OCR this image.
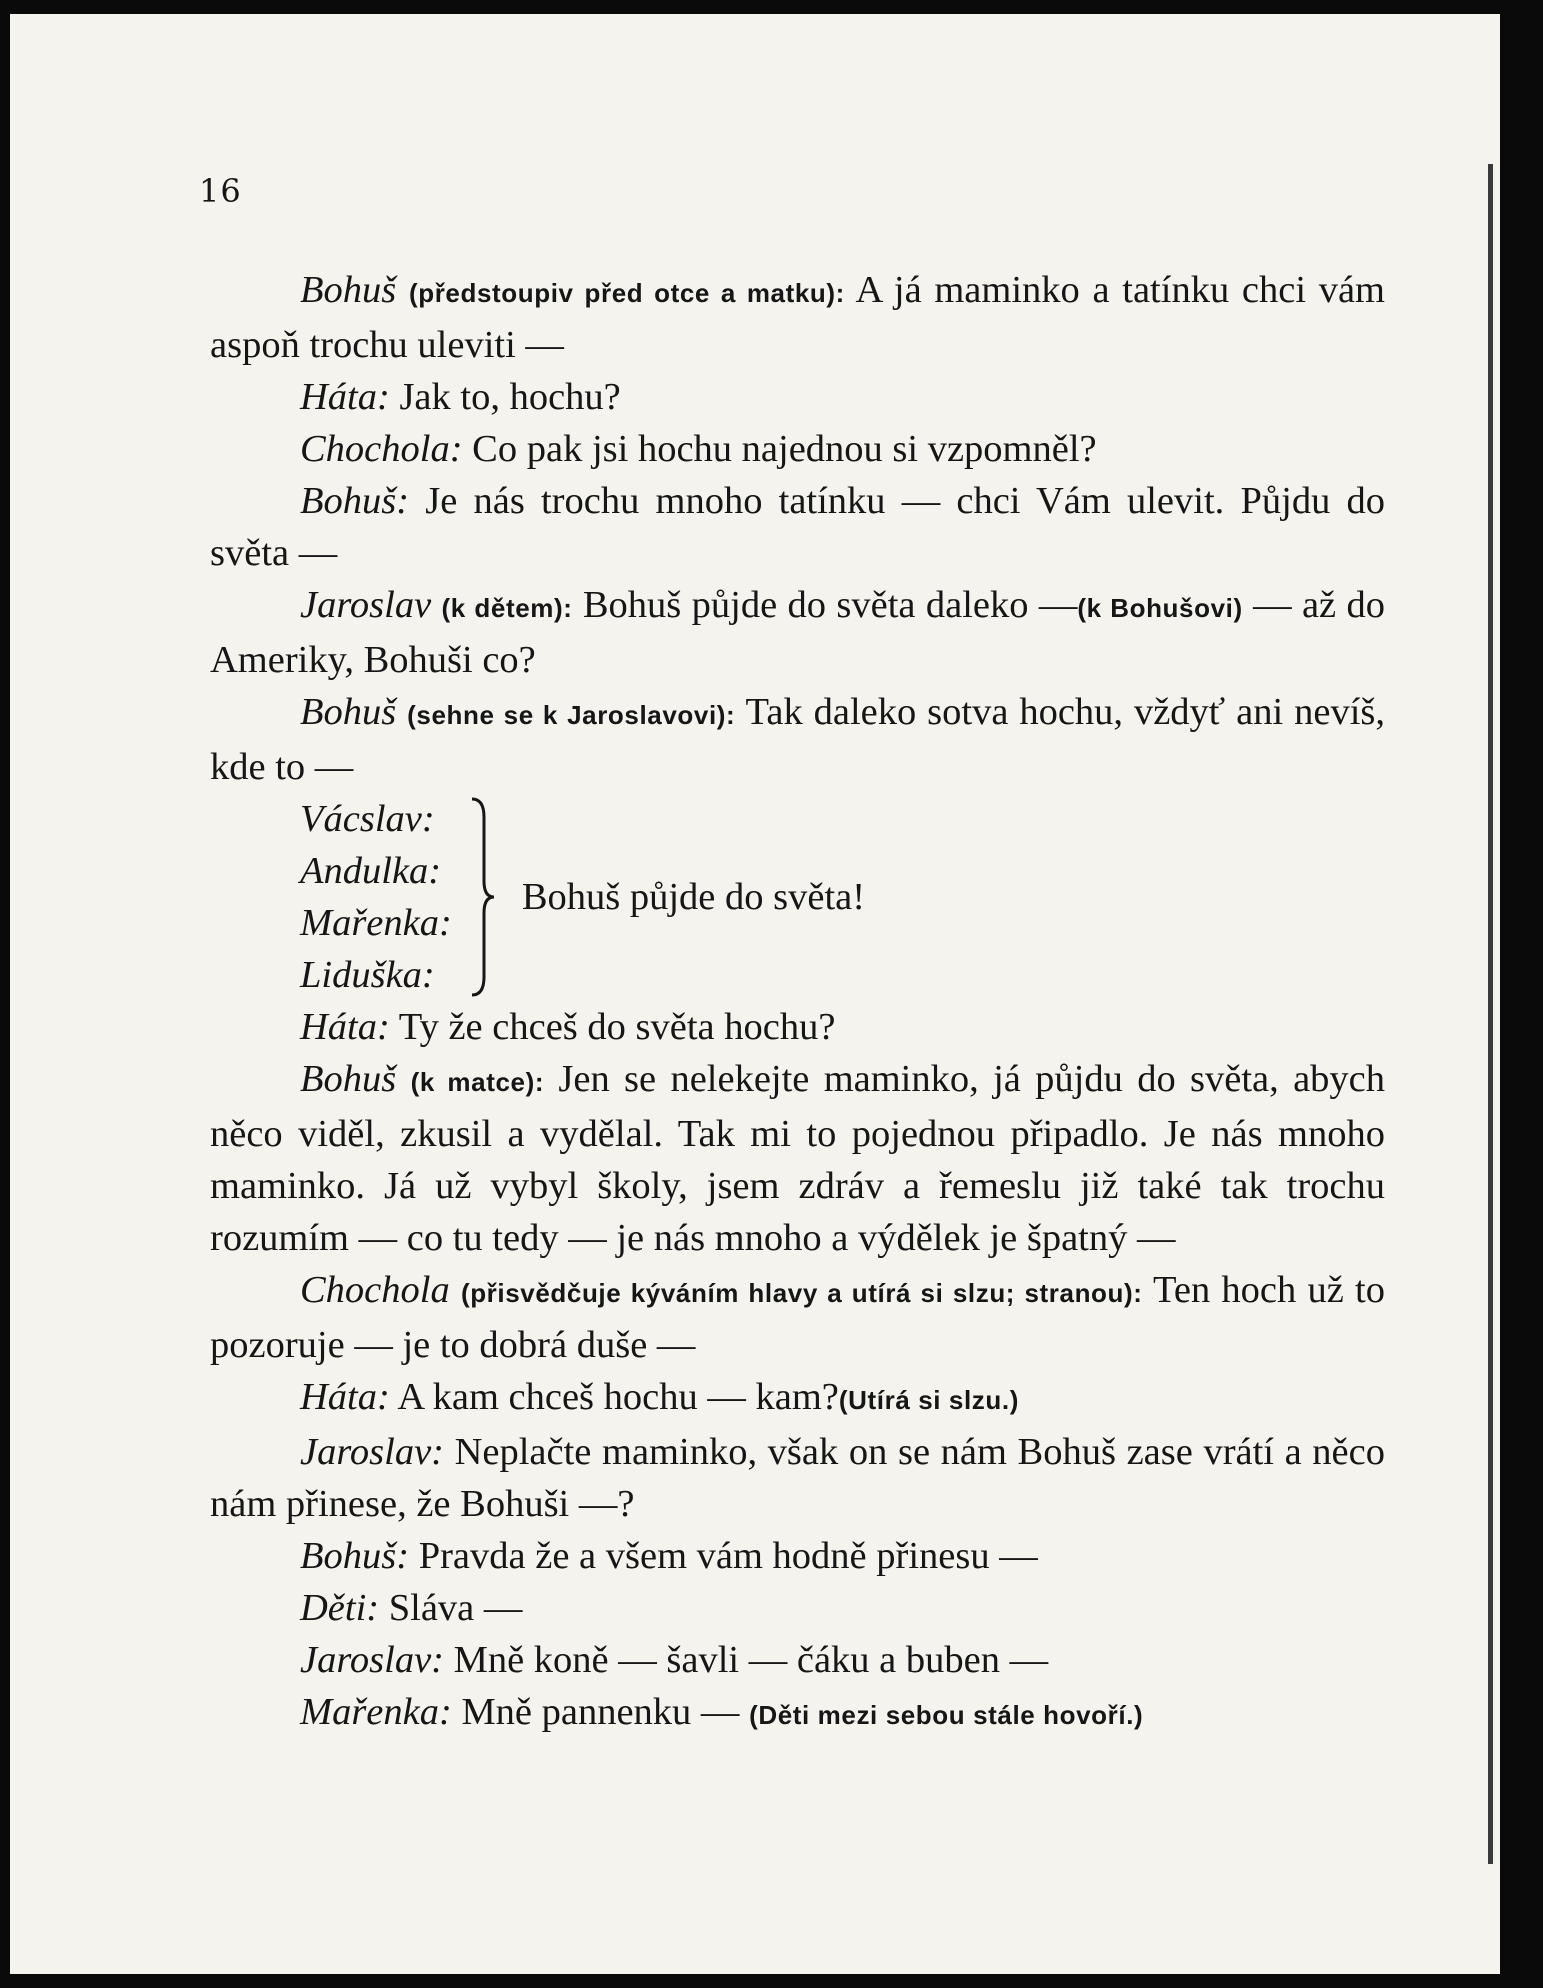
16

Bohuš (předstoupiv před otce a matku): A já maminko a tatínku chci vám aspoň trochu uleviti —

Háta: Jak to, hochu?

Chochola: Co pak jsi hochu najednou si vzpomněl?

Bohuš: Je nás trochu mnoho tatínku — chci Vám ulevit. Půjdu do světa —

Jaroslav (k dětem): Bohuš půjde do světa daleko —(k Bohušovi) — až do Ameriky, Bohuši co?

Bohuš (sehne se k Jaroslavovi): Tak daleko sotva hochu, vždyť ani nevíš, kde to —

Vácslav:
Andulka:
Mařenka:
Liduška:
Bohuš půjde do světa!

Háta: Ty že chceš do světa hochu?

Bohuš (k matce): Jen se nelekejte maminko, já půjdu do světa, abych něco viděl, zkusil a vydělal. Tak mi to pojednou připadlo. Je nás mnoho maminko. Já už vybyl školy, jsem zdráv a řemeslu již také tak trochu rozumím — co tu tedy — je nás mnoho a výdělek je špatný —

Chochola (přisvědčuje kýváním hlavy a utírá si slzu; stranou): Ten hoch už to pozoruje — je to dobrá duše —

Háta: A kam chceš hochu — kam?(Utírá si slzu.)

Jaroslav: Neplačte maminko, však on se nám Bohuš zase vrátí a něco nám přinese, že Bohuši —?

Bohuš: Pravda že a všem vám hodně přinesu —

Děti: Sláva —

Jaroslav: Mně koně — šavli — čáku a buben —

Mařenka: Mně pannenku — (Děti mezi sebou stále hovoří.)
